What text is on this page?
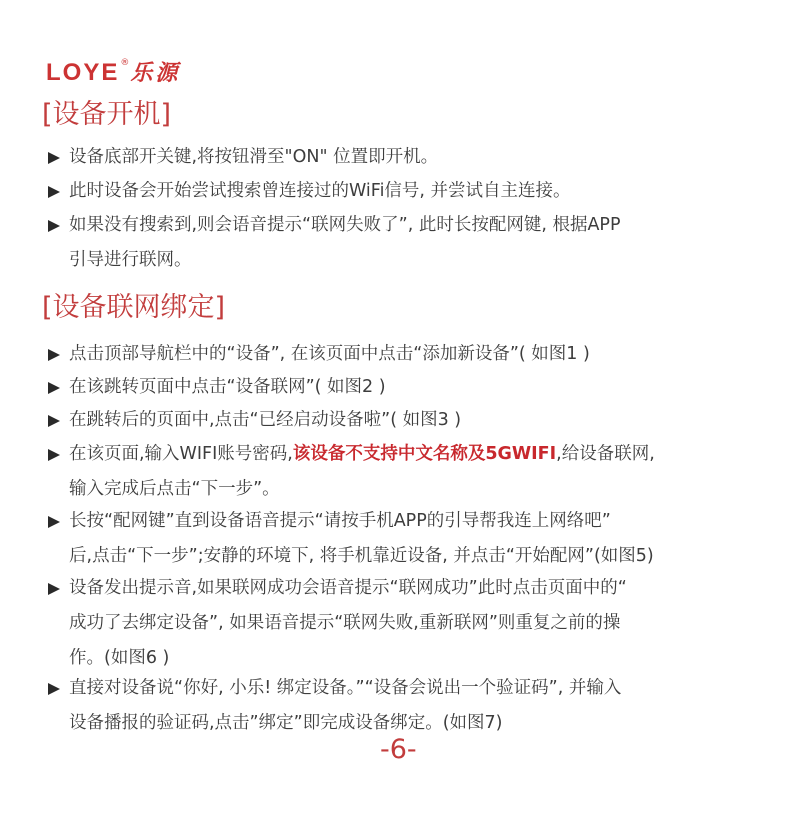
LOYE ® 乐源
[设备开机]
设备底部开关键,将按钮滑至"ON" 位置即开机。
此时设备会开始尝试搜索曾连接过的WiFi信号, 并尝试自主连接。
如果没有搜索到,则会语音提示“联网失败了”, 此时长按配网键, 根据APP
引导进行联网。
[设备联网绑定]
点击顶部导航栏中的“设备”, 在该页面中点击“添加新设备”( 如图1 )
在该跳转页面中点击“设备联网”( 如图2 )
在跳转后的页面中,点击“已经启动设备啦”( 如图3 )
在该页面,输入WIFI账号密码,该设备不支持中文名称及5GWIFI,给设备联网,
输入完成后点击“下一步”。
长按“配网键”直到设备语音提示“请按手机APP的引导帮我连上网络吧”
后,点击“下一步”;安静的环境下, 将手机靠近设备, 并点击“开始配网”(如图5)
设备发出提示音,如果联网成功会语音提示“联网成功”此时点击页面中的“
成功了去绑定设备”, 如果语音提示“联网失败,重新联网”则重复之前的操
作。(如图6 )
直接对设备说“你好, 小乐! 绑定设备。”“设备会说出一个验证码”, 并输入
设备播报的验证码,点击”绑定”即完成设备绑定。(如图7)
-6-
